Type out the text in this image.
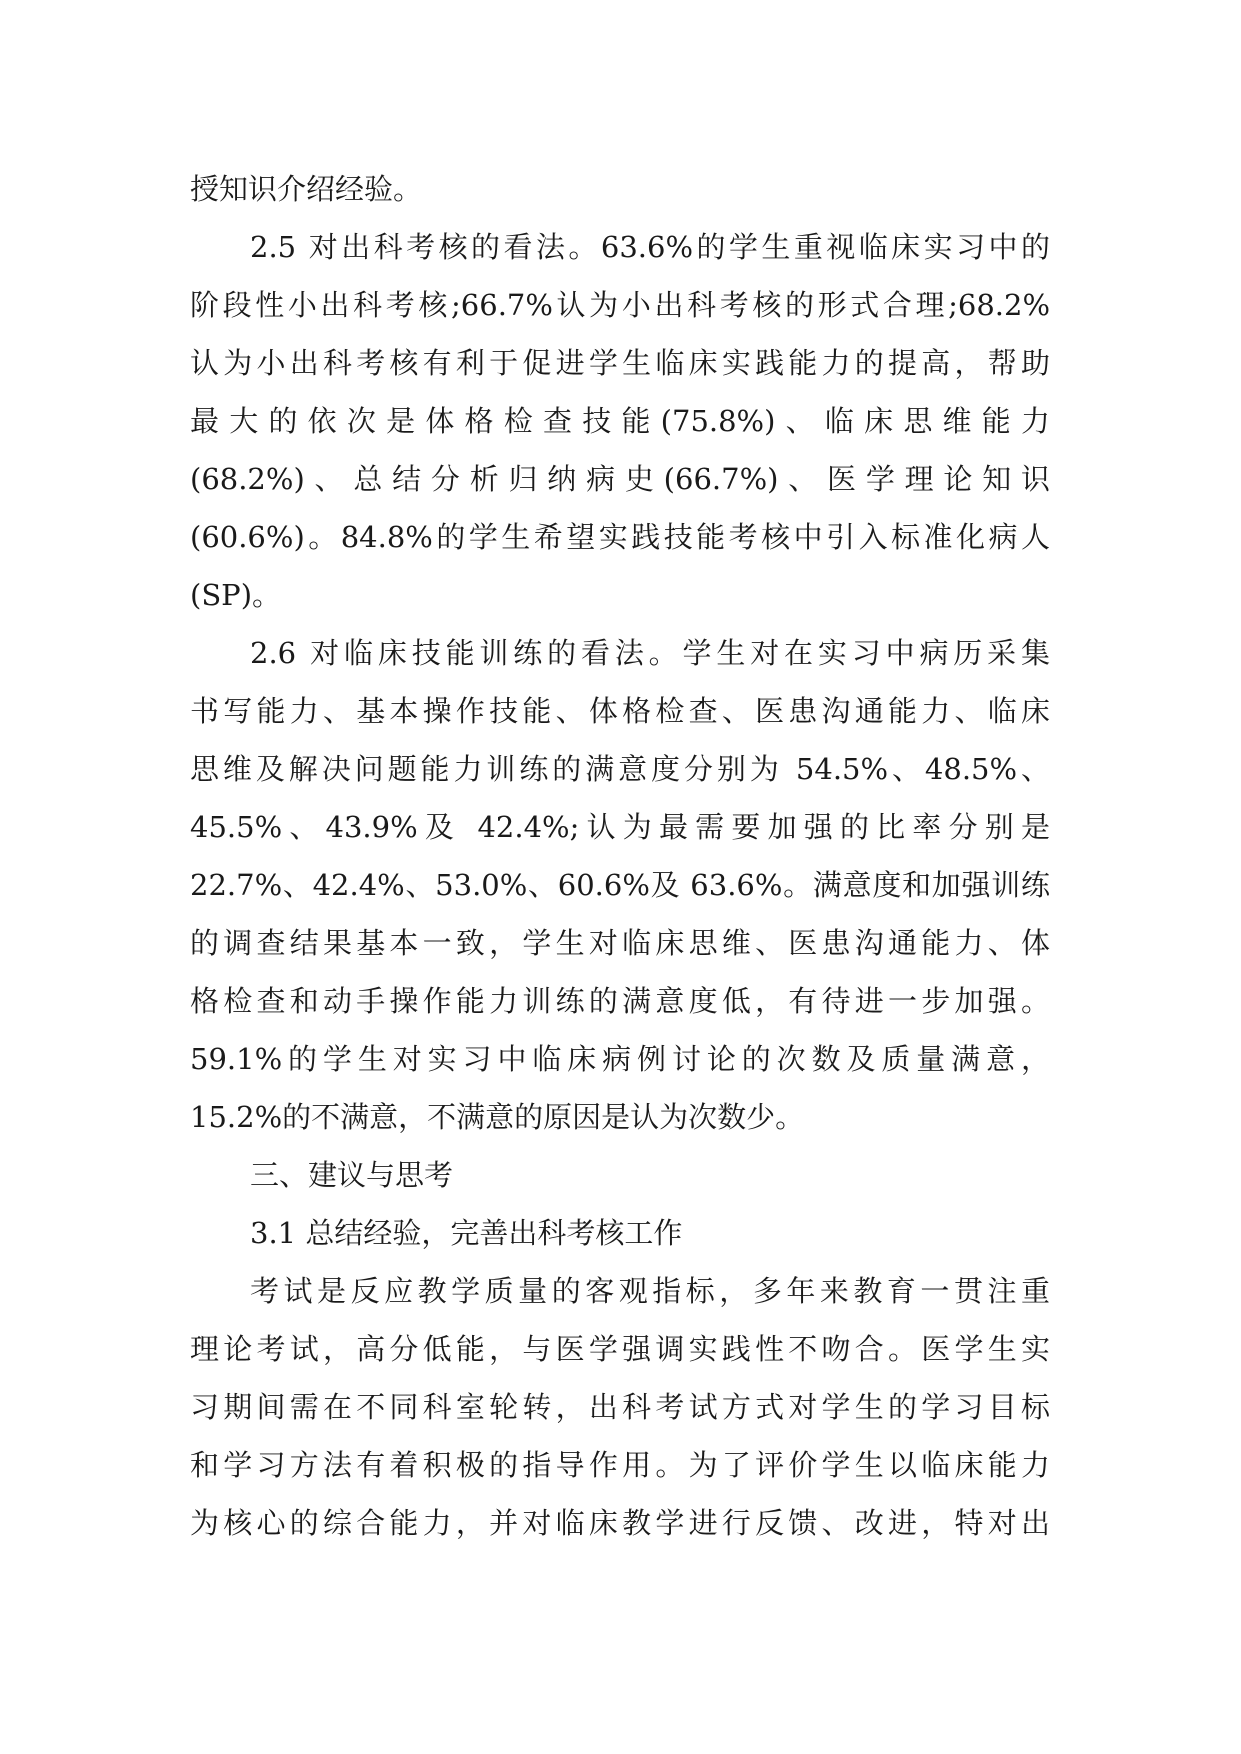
授知识介绍经验。
2.5 对出科考核的看法。63.6%的学生重视临床实习中的
阶段性小出科考核;66.7%认为小出科考核的形式合理;68.2%
认为小出科考核有利于促进学生临床实践能力的提高，帮助
最大的依次是体格检查技能(75.8%)、临床思维能力
(68.2%)、总结分析归纳病史(66.7%)、医学理论知识
(60.6%)。84.8%的学生希望实践技能考核中引入标准化病人
(SP)。
2.6 对临床技能训练的看法。学生对在实习中病历采集
书写能力、基本操作技能、体格检查、医患沟通能力、临床
思维及解决问题能力训练的满意度分别为 54.5%、48.5%、
45.5%、43.9%及 42.4%;认为最需要加强的比率分别是
22.7%、42.4%、53.0%、60.6%及 63.6%。满意度和加强训练
的调查结果基本一致，学生对临床思维、医患沟通能力、体
格检查和动手操作能力训练的满意度低，有待进一步加强。
59.1%的学生对实习中临床病例讨论的次数及质量满意，
15.2%的不满意，不满意的原因是认为次数少。
三、建议与思考
3.1 总结经验，完善出科考核工作
考试是反应教学质量的客观指标，多年来教育一贯注重
理论考试，高分低能，与医学强调实践性不吻合。医学生实
习期间需在不同科室轮转，出科考试方式对学生的学习目标
和学习方法有着积极的指导作用。为了评价学生以临床能力
为核心的综合能力，并对临床教学进行反馈、改进，特对出
